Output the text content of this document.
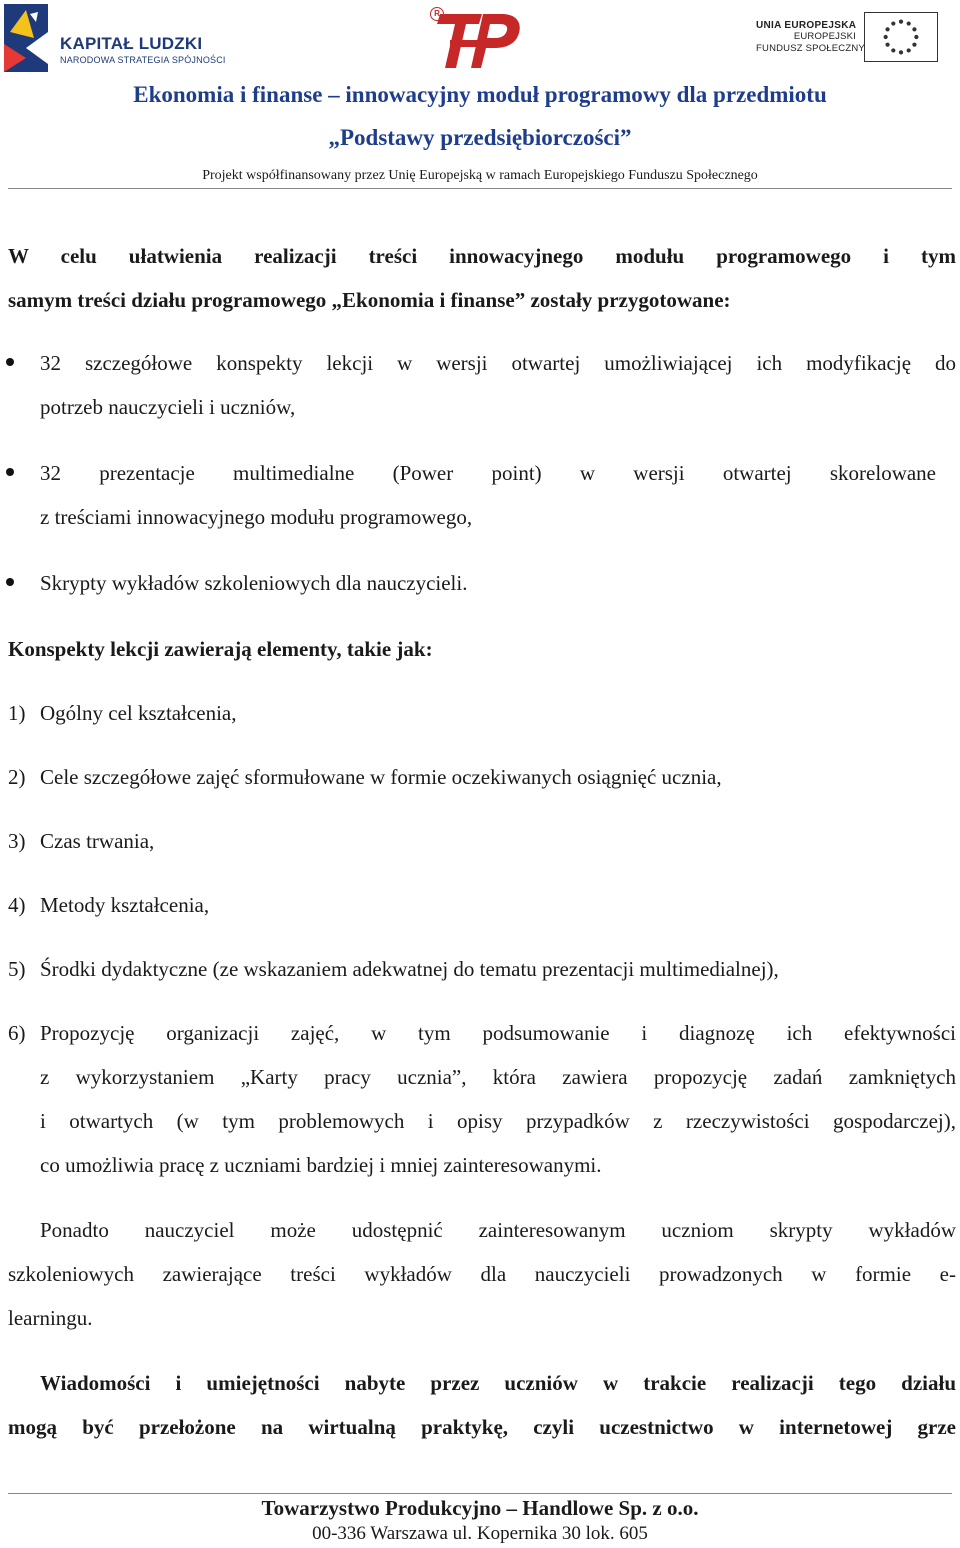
KAPITAŁ LUDZKI
NARODOWA STRATEGIA SPÓJNOŚCI
R
UNIA EUROPEJSKA
EUROPEJSKI
FUNDUSZ SPOŁECZNY
Ekonomia i finanse – innowacyjny moduł programowy dla przedmiotu
„Podstawy przedsiębiorczości”
Projekt współfinansowany przez Unię Europejską w ramach Europejskiego Funduszu Społecznego
W celu ułatwienia realizacji treści innowacyjnego modułu programowego i tym
samym treści działu programowego „Ekonomia i finanse” zostały przygotowane:
32 szczegółowe konspekty lekcji w wersji otwartej umożliwiającej ich modyfikację do
potrzeb nauczycieli i uczniów,
32 prezentacje multimedialne (Power point) w wersji otwartej skorelowane
z treściami innowacyjnego modułu programowego,
Skrypty wykładów szkoleniowych dla nauczycieli.
Konspekty lekcji zawierają elementy, takie jak:
1) Ogólny cel kształcenia,
2) Cele szczegółowe zajęć sformułowane w formie oczekiwanych osiągnięć ucznia,
3) Czas trwania,
4) Metody kształcenia,
5) Środki dydaktyczne (ze wskazaniem adekwatnej do tematu prezentacji multimedialnej),
6) Propozycję organizacji zajęć, w tym podsumowanie i diagnozę ich efektywności
z wykorzystaniem „Karty pracy ucznia”, która zawiera propozycję zadań zamkniętych
i otwartych (w tym problemowych i opisy przypadków z rzeczywistości gospodarczej),
co umożliwia pracę z uczniami bardziej i mniej zainteresowanymi.
Ponadto nauczyciel może udostępnić zainteresowanym uczniom skrypty wykładów
szkoleniowych zawierające treści wykładów dla nauczycieli prowadzonych w formie e-
learningu.
Wiadomości i umiejętności nabyte przez uczniów w trakcie realizacji tego działu
mogą być przełożone na wirtualną praktykę, czyli uczestnictwo w internetowej grze
Towarzystwo Produkcyjno – Handlowe Sp. z o.o.
00-336 Warszawa ul. Kopernika 30 lok. 605
